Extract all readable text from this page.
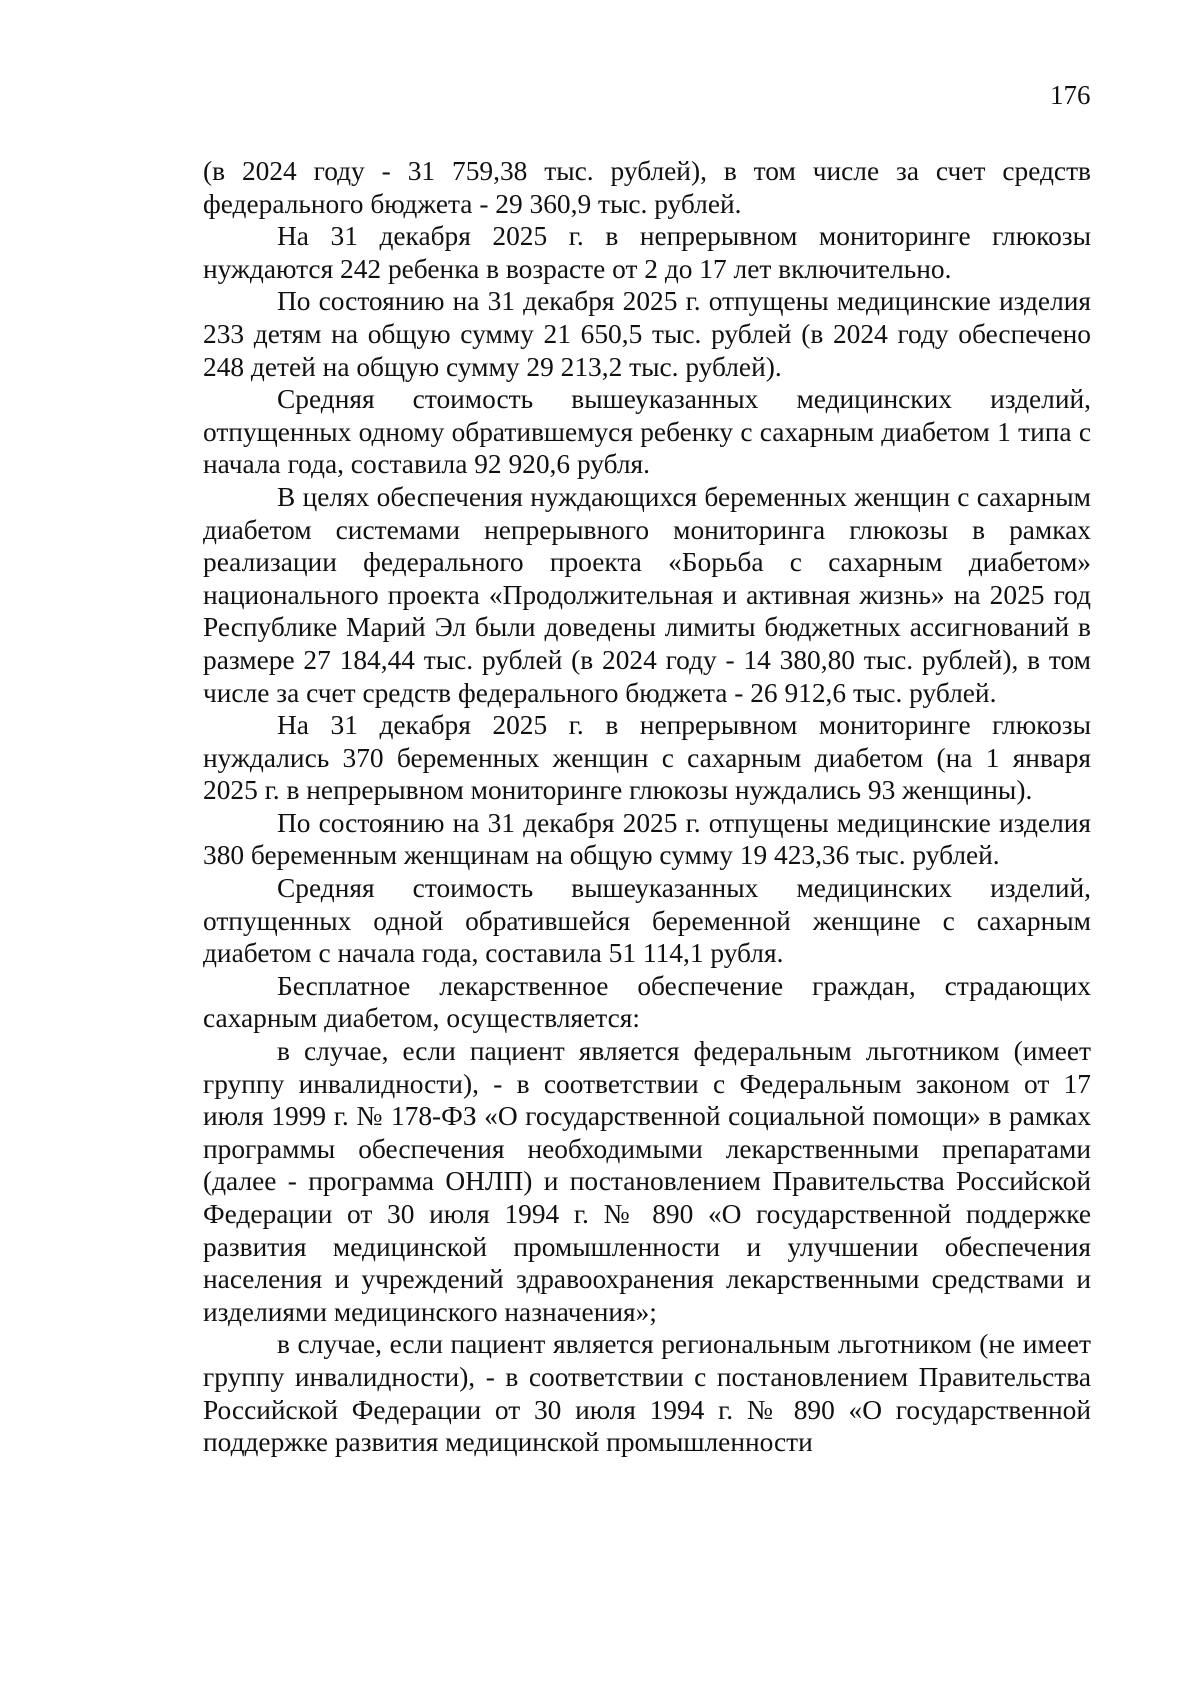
176

(в 2024 году - 31 759,38 тыс. рублей), в том числе за счет средств федерального бюджета - 29 360,9 тыс. рублей.

На 31 декабря 2025 г. в непрерывном мониторинге глюкозы нуждаются 242 ребенка в возрасте от 2 до 17 лет включительно.

По состоянию на 31 декабря 2025 г. отпущены медицинские изделия 233 детям на общую сумму 21 650,5 тыс. рублей (в 2024 году обеспечено 248 детей на общую сумму 29 213,2 тыс. рублей).

Средняя стоимость вышеуказанных медицинских изделий, отпущенных одному обратившемуся ребенку с сахарным диабетом 1 типа с начала года, составила 92 920,6 рубля.

В целях обеспечения нуждающихся беременных женщин с сахарным диабетом системами непрерывного мониторинга глюкозы в рамках реализации федерального проекта «Борьба с сахарным диабетом» национального проекта «Продолжительная и активная жизнь» на 2025 год Республике Марий Эл были доведены лимиты бюджетных ассигнований в размере 27 184,44 тыс. рублей (в 2024 году - 14 380,80 тыс. рублей), в том числе за счет средств федерального бюджета - 26 912,6 тыс. рублей.

На 31 декабря 2025 г. в непрерывном мониторинге глюкозы нуждались 370 беременных женщин с сахарным диабетом (на 1 января 2025 г. в непрерывном мониторинге глюкозы нуждались 93 женщины).

По состоянию на 31 декабря 2025 г. отпущены медицинские изделия 380 беременным женщинам на общую сумму 19 423,36 тыс. рублей.

Средняя стоимость вышеуказанных медицинских изделий, отпущенных одной обратившейся беременной женщине с сахарным диабетом с начала года, составила 51 114,1 рубля.

Бесплатное лекарственное обеспечение граждан, страдающих сахарным диабетом, осуществляется:

в случае, если пациент является федеральным льготником (имеет группу инвалидности), - в соответствии с Федеральным законом от 17 июля 1999 г. № 178-ФЗ «О государственной социальной помощи» в рамках программы обеспечения необходимыми лекарственными препаратами (далее - программа ОНЛП) и постановлением Правительства Российской Федерации от 30 июля 1994 г. № 890 «О государственной поддержке развития медицинской промышленности и улучшении обеспечения населения и учреждений здравоохранения лекарственными средствами и изделиями медицинского назначения»;

в случае, если пациент является региональным льготником (не имеет группу инвалидности), - в соответствии с постановлением Правительства Российской Федерации от 30 июля 1994 г. № 890 «О государственной поддержке развития медицинской промышленности
